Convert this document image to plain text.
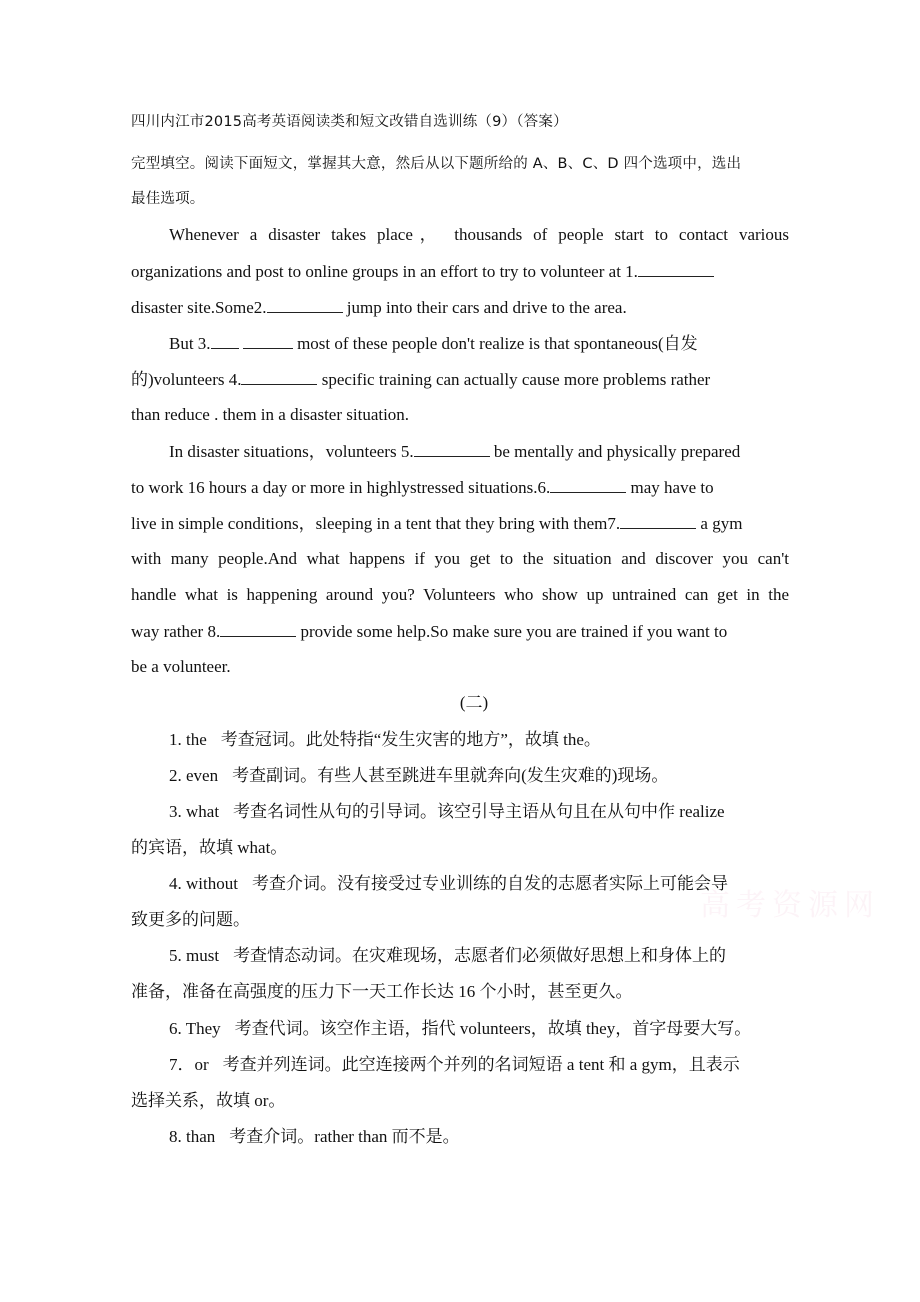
四川内江市2015高考英语阅读类和短文改错自选训练（9）（答案）
完型填空。阅读下面短文，掌握其大意，然后从以下题所给的 A、B、C、D 四个选项中，选出
最佳选项。
Whenever a disaster takes place， thousands of people start to contact various
organizations and post to online groups in an effort to try to volunteer at 1.
disaster site.Some2.	jump into their cars and drive to the area.
But 3.	most of these people don't realize is that spontaneous(自发
的)volunteers 4.	specific training can actually cause more problems rather
than reduce . them in a disaster situation.
In disaster situations，volunteers 5.	be mentally and physically prepared
to work 16 hours a day or more in highlystressed situations.6.	may have to
live in simple conditions，sleeping in a tent that they bring with them7.	a gym
with many people.And what happens if you get to the situation and discover you can't
handle what is happening around you? Volunteers who show up untrained can get in the
way rather 8.	provide some help.So make sure you are trained if you want to
be a volunteer.
(二)
1. the 考查冠词。此处特指“发生灾害的地方”，故填 the。
2. even 考查副词。有些人甚至跳进车里就奔向(发生灾难的)现场。
3. what 考查名词性从句的引导词。该空引导主语从句且在从句中作 realize
的宾语，故填 what。
4. without 考查介词。没有接受过专业训练的自发的志愿者实际上可能会导
致更多的问题。
5. must 考查情态动词。在灾难现场，志愿者们必须做好思想上和身体上的
准备，准备在高强度的压力下一天工作长达 16 个小时，甚至更久。
6. They 考查代词。该空作主语，指代 volunteers，故填 they，首字母要大写。
7．or 考查并列连词。此空连接两个并列的名词短语 a tent 和 a gym，且表示
选择关系，故填 or。
8. than 考查介词。rather than 而不是。
高考资源网
